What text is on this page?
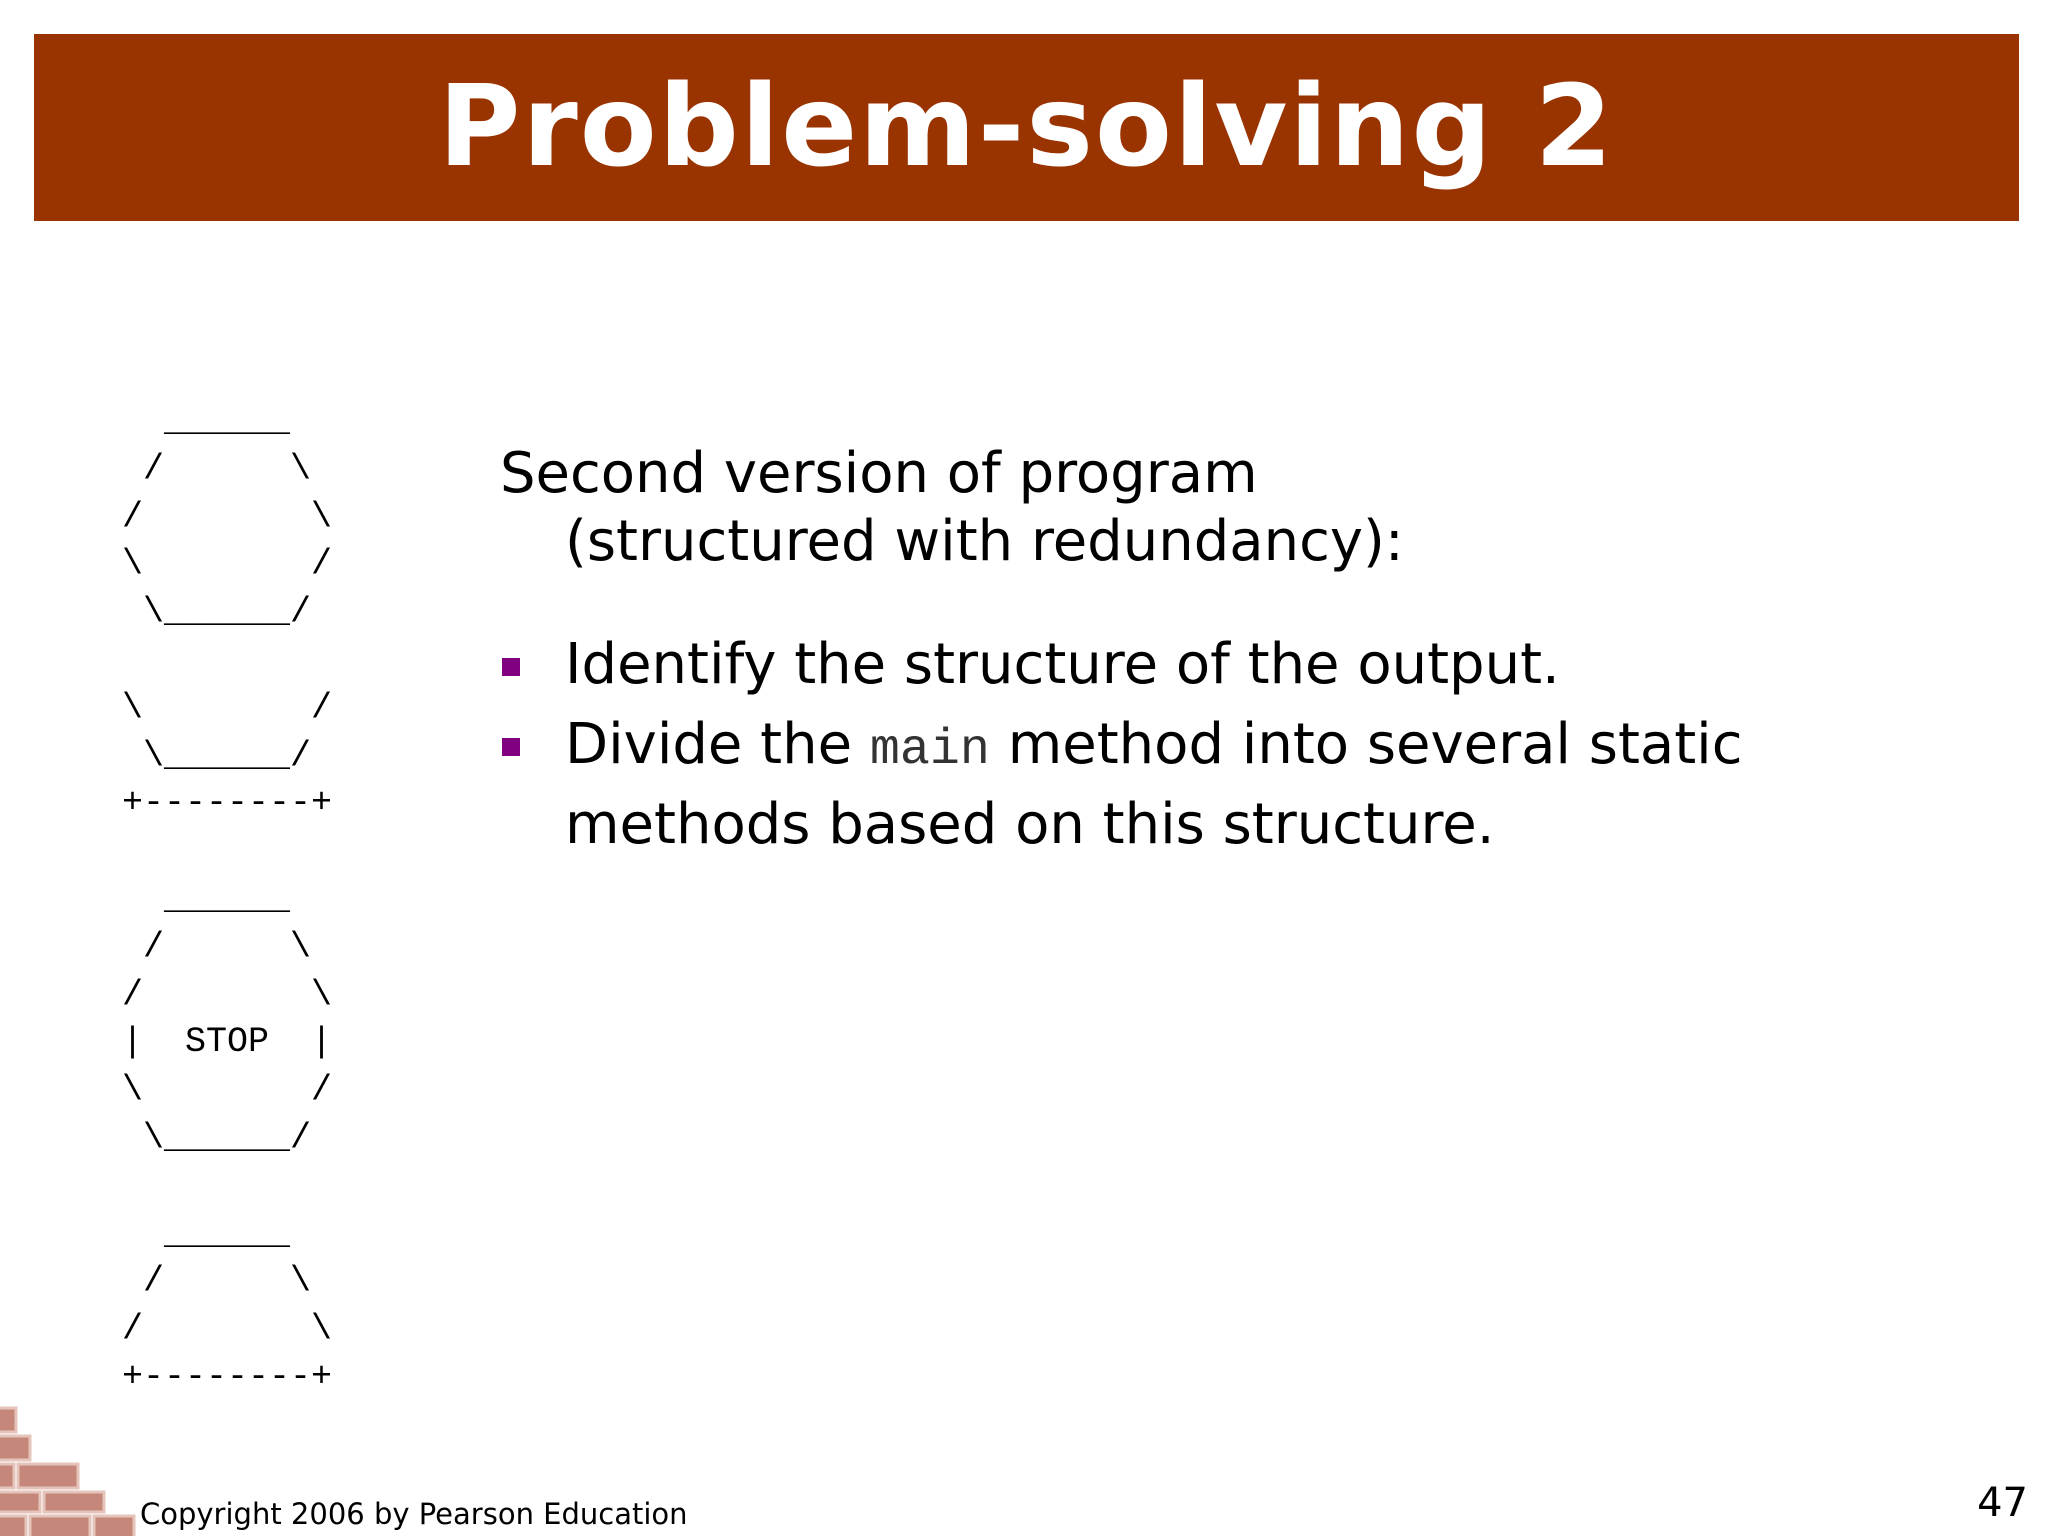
Problem-solving 2
______
/      \
/        \
\        /
\______/

\        /
\______/
+--------+

______
/      \
/        \
|  STOP  |
\        /
\______/

______
/      \
/        \
+--------+

Second version of program

(structured with redundancy):

Identify the structure of the output.
Divide the main method into several static
methods based on this structure.
Copyright 2006 by Pearson Education	47
